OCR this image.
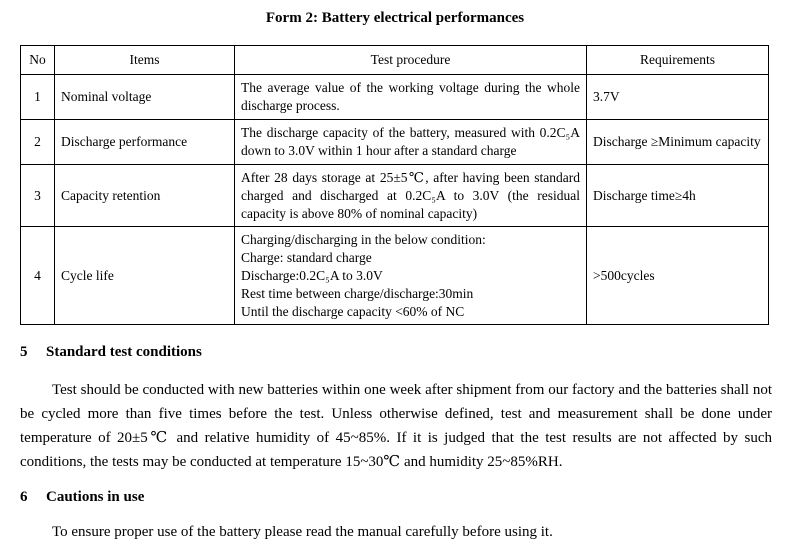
Form 2: Battery electrical performances
No	Items	Test procedure	Requirements
1	Nominal voltage	The average value of the working voltage during the whole discharge process.	3.7V
2	Discharge performance	The discharge capacity of the battery, measured with 0.2C₅A down to 3.0V within 1 hour after a standard charge	Discharge ≥Minimum capacity
3	Capacity retention	After 28 days storage at 25±5℃, after having been standard charged and discharged at 0.2C₅A to 3.0V (the residual capacity is above 80% of nominal capacity)	Discharge time≥4h
4	Cycle life	Charging/discharging in the below condition:
Charge: standard charge
Discharge:0.2C₅A to 3.0V
Rest time between charge/discharge:30min
Until the discharge capacity <60% of NC	>500cycles
5 Standard test conditions

Test should be conducted with new batteries within one week after shipment from our factory and the batteries shall not be cycled more than five times before the test. Unless otherwise defined, test and measurement shall be done under temperature of 20±5℃ and relative humidity of 45~85%. If it is judged that the test results are not affected by such conditions, the tests may be conducted at temperature 15~30℃ and humidity 25~85%RH.

6 Cautions in use

To ensure proper use of the battery please read the manual carefully before using it.
